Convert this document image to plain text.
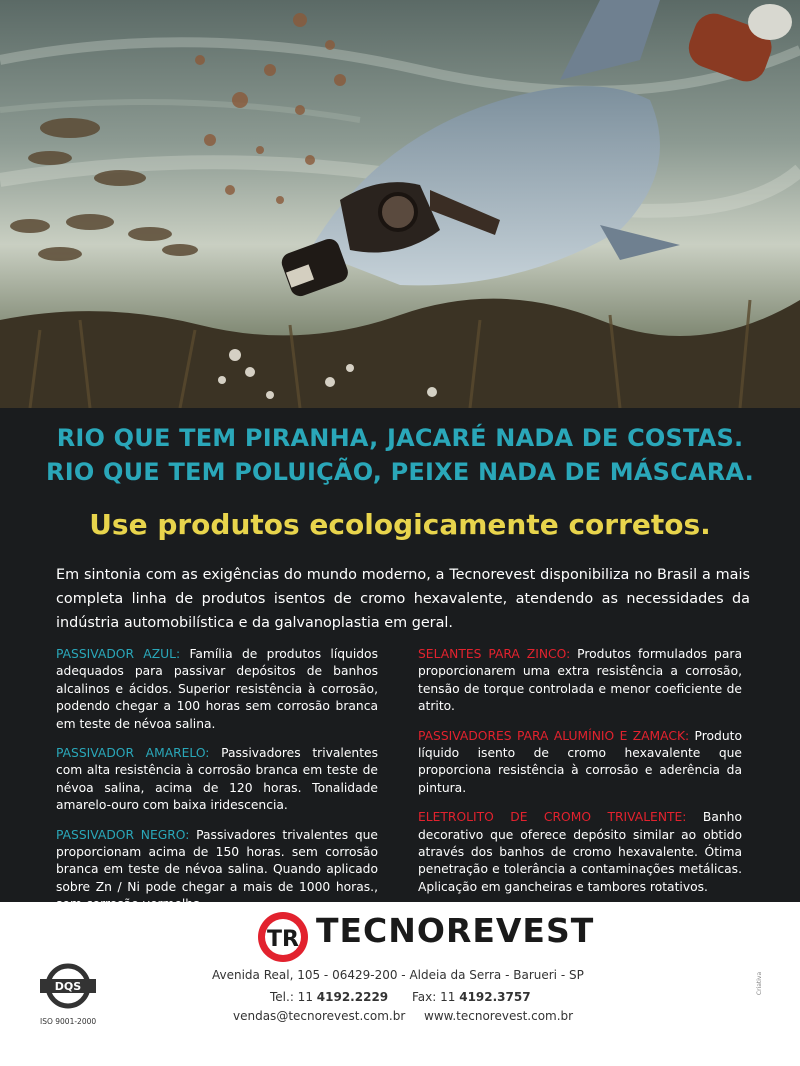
RIO QUE TEM PIRANHA, JACARÉ NADA DE COSTAS.
RIO QUE TEM POLUIÇÃO, PEIXE NADA DE MÁSCARA.
Use produtos ecologicamente corretos.
Em sintonia com as exigências do mundo moderno, a Tecnorevest disponibiliza no Brasil a mais completa linha de produtos isentos de cromo hexavalente, atendendo as necessidades da indústria automobilística e da galvanoplastia em geral.
PASSIVADOR AZUL: Família de produtos líquidos adequados para passivar depósitos de banhos alcalinos e ácidos. Superior resistência à corrosão, podendo chegar a 100 horas sem corrosão branca em teste de névoa salina.
PASSIVADOR AMARELO: Passivadores trivalentes com alta resistência à corrosão branca em teste de névoa salina, acima de 120 horas. Tonalidade amarelo-ouro com baixa iridescencia.
PASSIVADOR NEGRO: Passivadores trivalentes que proporcionam acima de 150 horas. sem corrosão branca em teste de névoa salina. Quando aplicado sobre Zn / Ni pode chegar a mais de 1000 horas.,
SELANTES PARA ZINCO: Produtos formulados para proporcionarem uma extra resistência a corrosão, tensão de torque controlada e menor coeficiente de atrito.
PASSIVADORES PARA ALUMÍNIO E ZAMACK: Produto líquido isento de cromo hexavalente que proporciona resistência à corrosão e aderência da pintura.
ELETROLITO DE CROMO TRIVALENTE: Banho decorativo que oferece depósito similar ao obtido através dos banhos de cromo hexavalente. Ótima penetração e tolerância a contaminações metálicas. Aplicação em gancheiras e tambores rotativos.
TR TECNOREVEST
DQS
ISO 9001-2000
Avenida Real, 105 - 06429-200 - Aldeia da Serra - Barueri - SP
Tel.: 11 4192.2229 Fax: 11 4192.3757
vendas@tecnorevest.com.br www.tecnorevest.com.br
Criativa
